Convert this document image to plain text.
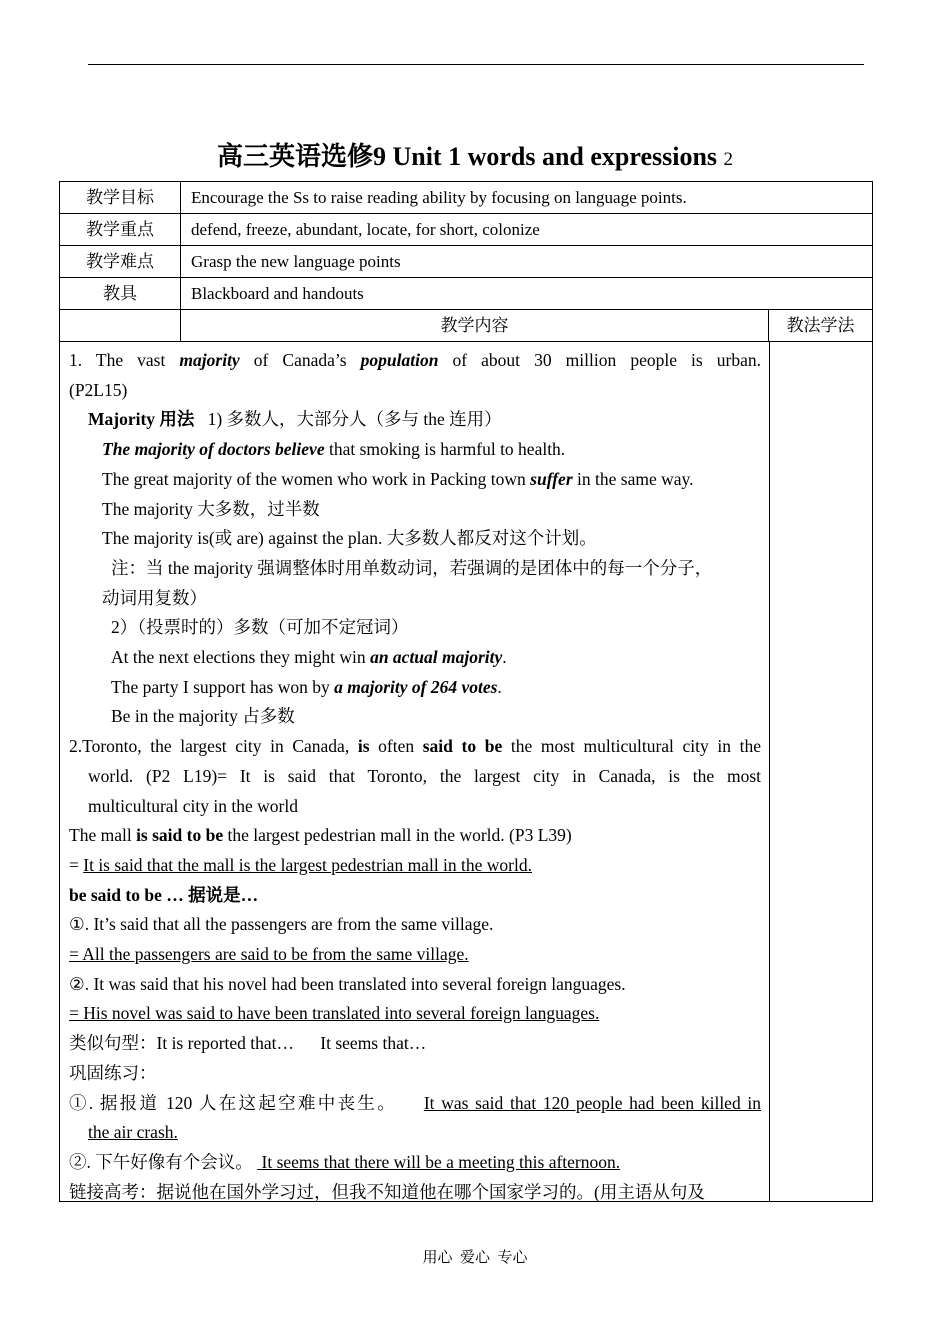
高三英语选修9 Unit 1 words and expressions 2
教学目标	Encourage the Ss to raise reading ability by focusing on language points.
教学重点	defend, freeze, abundant, locate, for short, colonize
教学难点	Grasp the new language points
教具	Blackboard and handouts
教学内容	教法学法
1. The vast majority of Canada’s population of about 30 million people is urban.
(P2L15)
Majority 用法 1) 多数人，大部分人（多与 the 连用）
The majority of doctors believe that smoking is harmful to health.
The great majority of the women who work in Packing town suffer in the same way.
The majority 大多数，过半数
The majority is(或 are) against the plan. 大多数人都反对这个计划。
注：当 the majority 强调整体时用单数动词，若强调的是团体中的每一个分子，
动词用复数）
2）（投票时的）多数（可加不定冠词）
At the next elections they might win an actual majority.
The party I support has won by a majority of 264 votes.
Be in the majority 占多数
2.Toronto, the largest city in Canada, is often said to be the most multicultural city in the
world. (P2 L19)= It is said that Toronto, the largest city in Canada, is the most
multicultural city in the world
The mall is said to be the largest pedestrian mall in the world. (P3 L39)
= It is said that the mall is the largest pedestrian mall in the world.
be said to be … 据说是…
①. It’s said that all the passengers are from the same village.
= All the passengers are said to be from the same village.
②. It was said that his novel had been translated into several foreign languages.
= His novel was said to have been translated into several foreign languages.
类似句型：It is reported that…      It seems that…
巩固练习：
①. 据报道 120 人在这起空难中丧生。    It was said that 120 people had been killed in
the air crash.
②. 下午好像有个会议。  It seems that there will be a meeting this afternoon.
链接高考：据说他在国外学习过，但我不知道他在哪个国家学习的。(用主语从句及
用心  爱心  专心
